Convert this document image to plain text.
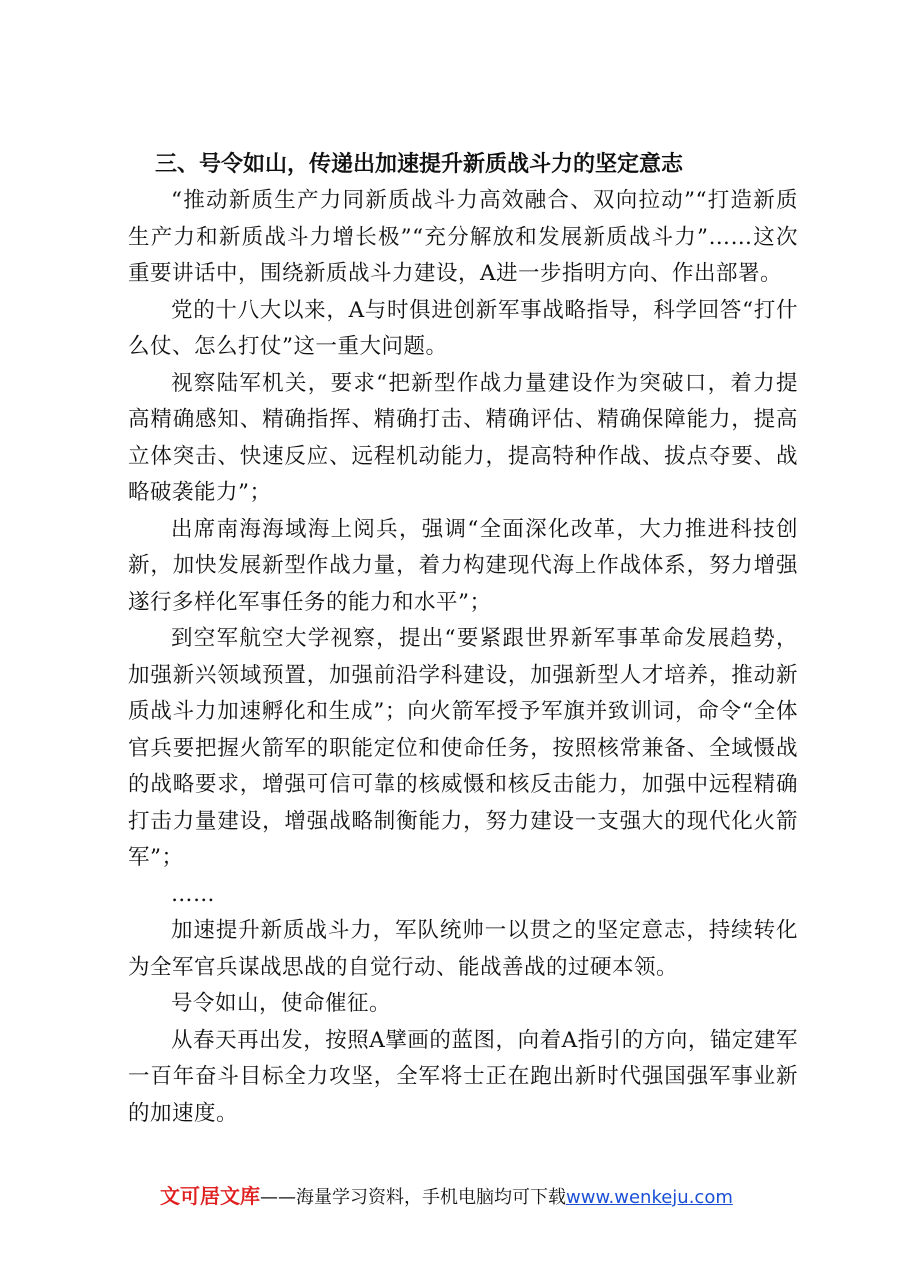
三、号令如山，传递出加速提升新质战斗力的坚定意志

“推动新质生产力同新质战斗力高效融合、双向拉动”“打造新质生产力和新质战斗力增长极”“充分解放和发展新质战斗力”……这次重要讲话中，围绕新质战斗力建设，A进一步指明方向、作出部署。

党的十八大以来，A与时俱进创新军事战略指导，科学回答“打什么仗、怎么打仗”这一重大问题。

视察陆军机关，要求“把新型作战力量建设作为突破口，着力提高精确感知、精确指挥、精确打击、精确评估、精确保障能力，提高立体突击、快速反应、远程机动能力，提高特种作战、拔点夺要、战略破袭能力”；

出席南海海域海上阅兵，强调“全面深化改革，大力推进科技创新，加快发展新型作战力量，着力构建现代海上作战体系，努力增强遂行多样化军事任务的能力和水平”；

到空军航空大学视察，提出“要紧跟世界新军事革命发展趋势，加强新兴领域预置，加强前沿学科建设，加强新型人才培养，推动新质战斗力加速孵化和生成”；向火箭军授予军旗并致训词，命令“全体官兵要把握火箭军的职能定位和使命任务，按照核常兼备、全域慑战的战略要求，增强可信可靠的核威慑和核反击能力，加强中远程精确打击力量建设，增强战略制衡能力，努力建设一支强大的现代化火箭军”；

……

加速提升新质战斗力，军队统帅一以贯之的坚定意志，持续转化为全军官兵谋战思战的自觉行动、能战善战的过硬本领。

号令如山，使命催征。

从春天再出发，按照A擘画的蓝图，向着A指引的方向，锚定建军一百年奋斗目标全力攻坚，全军将士正在跑出新时代强国强军事业新的加速度。

文可居文库——海量学习资料，手机电脑均可下载www.wenkeju.com
